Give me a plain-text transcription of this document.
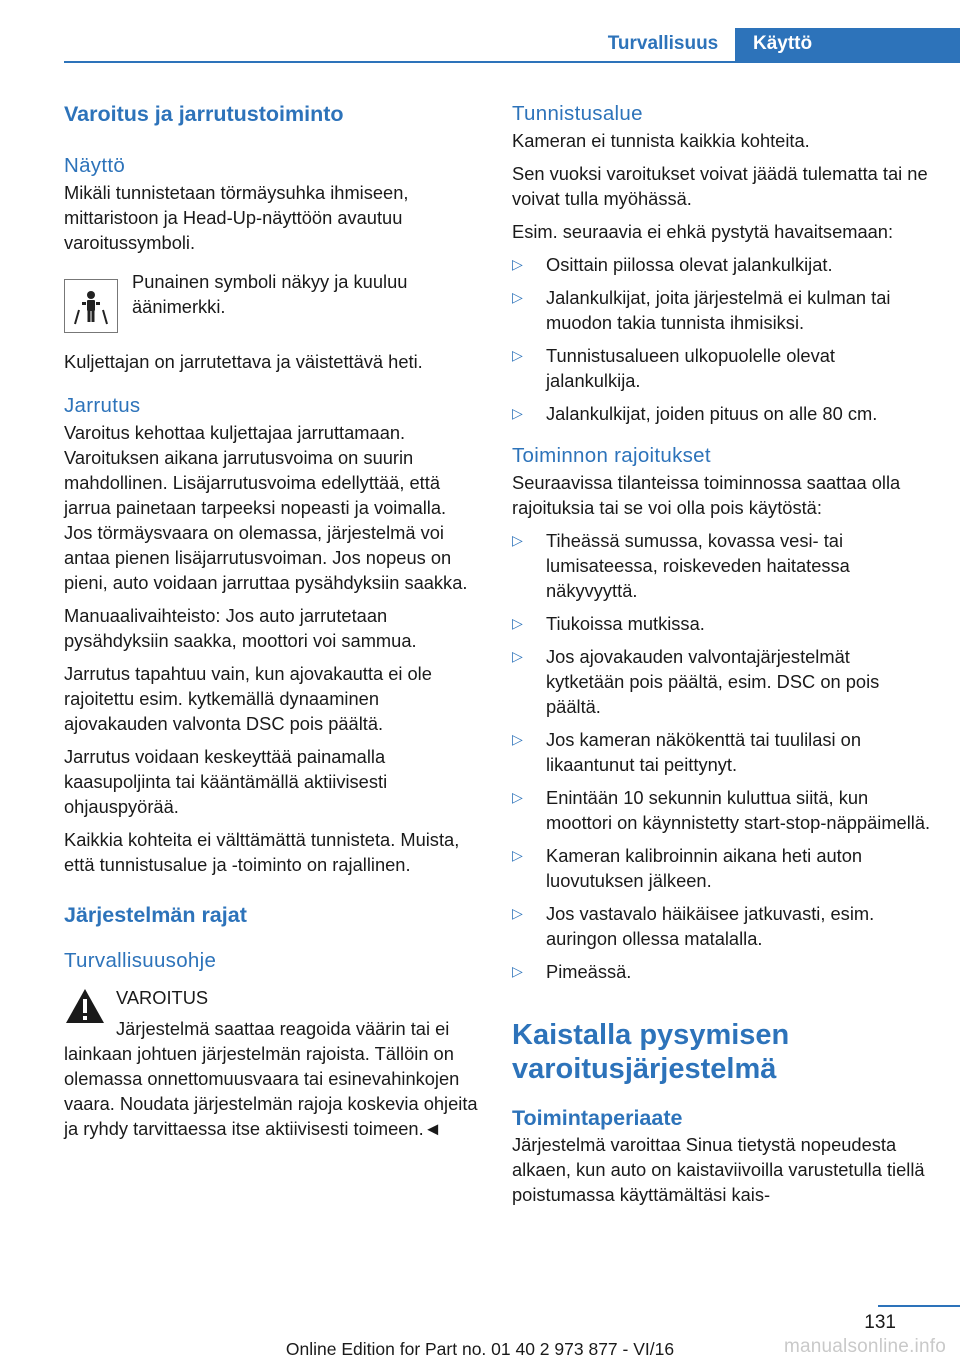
Turvallisuus	Käyttö
Varoitus ja jarrutustoiminto
Näyttö
Mikäli tunnistetaan törmäysuhka ihmiseen, mittaristoon ja Head-Up-näyttöön avautuu varoitussymboli.
Punainen symboli näkyy ja kuuluu äänimerkki.
Kuljettajan on jarrutettava ja väistettävä heti.
Jarrutus
Varoitus kehottaa kuljettajaa jarruttamaan. Varoituksen aikana jarrutusvoima on suurin mahdollinen. Lisäjarrutusvoima edellyttää, että jarrua painetaan tarpeeksi nopeasti ja voimalla. Jos törmäysvaara on olemassa, järjestelmä voi antaa pienen lisäjarrutusvoiman. Jos nopeus on pieni, auto voidaan jarruttaa pysähdyksiin saakka.
Manuaalivaihteisto: Jos auto jarrutetaan pysähdyksiin saakka, moottori voi sammua.
Jarrutus tapahtuu vain, kun ajovakautta ei ole rajoitettu esim. kytkemällä dynaaminen ajovakauden valvonta DSC pois päältä.
Jarrutus voidaan keskeyttää painamalla kaasupoljinta tai kääntämällä aktiivisesti ohjauspyörää.
Kaikkia kohteita ei välttämättä tunnisteta. Muista, että tunnistusalue ja -toiminto on rajallinen.
Järjestelmän rajat
Turvallisuusohje
VAROITUS
Järjestelmä saattaa reagoida väärin tai ei
lainkaan johtuen järjestelmän rajoista. Tällöin on olemassa onnettomuusvaara tai esinevahinkojen vaara. Noudata järjestelmän rajoja koskevia ohjeita ja ryhdy tarvittaessa itse aktiivisesti toimeen.◄
Tunnistusalue
Kameran ei tunnista kaikkia kohteita.
Sen vuoksi varoitukset voivat jäädä tulematta tai ne voivat tulla myöhässä.
Esim. seuraavia ei ehkä pystytä havaitsemaan:
▷	Osittain piilossa olevat jalankulkijat.
▷	Jalankulkijat, joita järjestelmä ei kulman tai muodon takia tunnista ihmisiksi.
▷	Tunnistusalueen ulkopuolelle olevat jalankulkija.
▷	Jalankulkijat, joiden pituus on alle 80 cm.
Toiminnon rajoitukset
Seuraavissa tilanteissa toiminnossa saattaa olla rajoituksia tai se voi olla pois käytöstä:
▷	Tiheässä sumussa, kovassa vesi- tai lumisateessa, roiskeveden haitatessa näkyvyyttä.
▷	Tiukoissa mutkissa.
▷	Jos ajovakauden valvontajärjestelmät kytketään pois päältä, esim. DSC on pois päältä.
▷	Jos kameran näkökenttä tai tuulilasi on likaantunut tai peittynyt.
▷	Enintään 10 sekunnin kuluttua siitä, kun moottori on käynnistetty start-stop-näppäimellä.
▷	Kameran kalibroinnin aikana heti auton luovutuksen jälkeen.
▷	Jos vastavalo häikäisee jatkuvasti, esim. auringon ollessa matalalla.
▷	Pimeässä.
Kaistalla pysymisen varoitusjärjestelmä
Toimintaperiaate
Järjestelmä varoittaa Sinua tietystä nopeudesta alkaen, kun auto on kaistaviivoilla varustetulla tiellä poistumassa käyttämältäsi kais-
131
Online Edition for Part no. 01 40 2 973 877 - VI/16	manualsonline.info
